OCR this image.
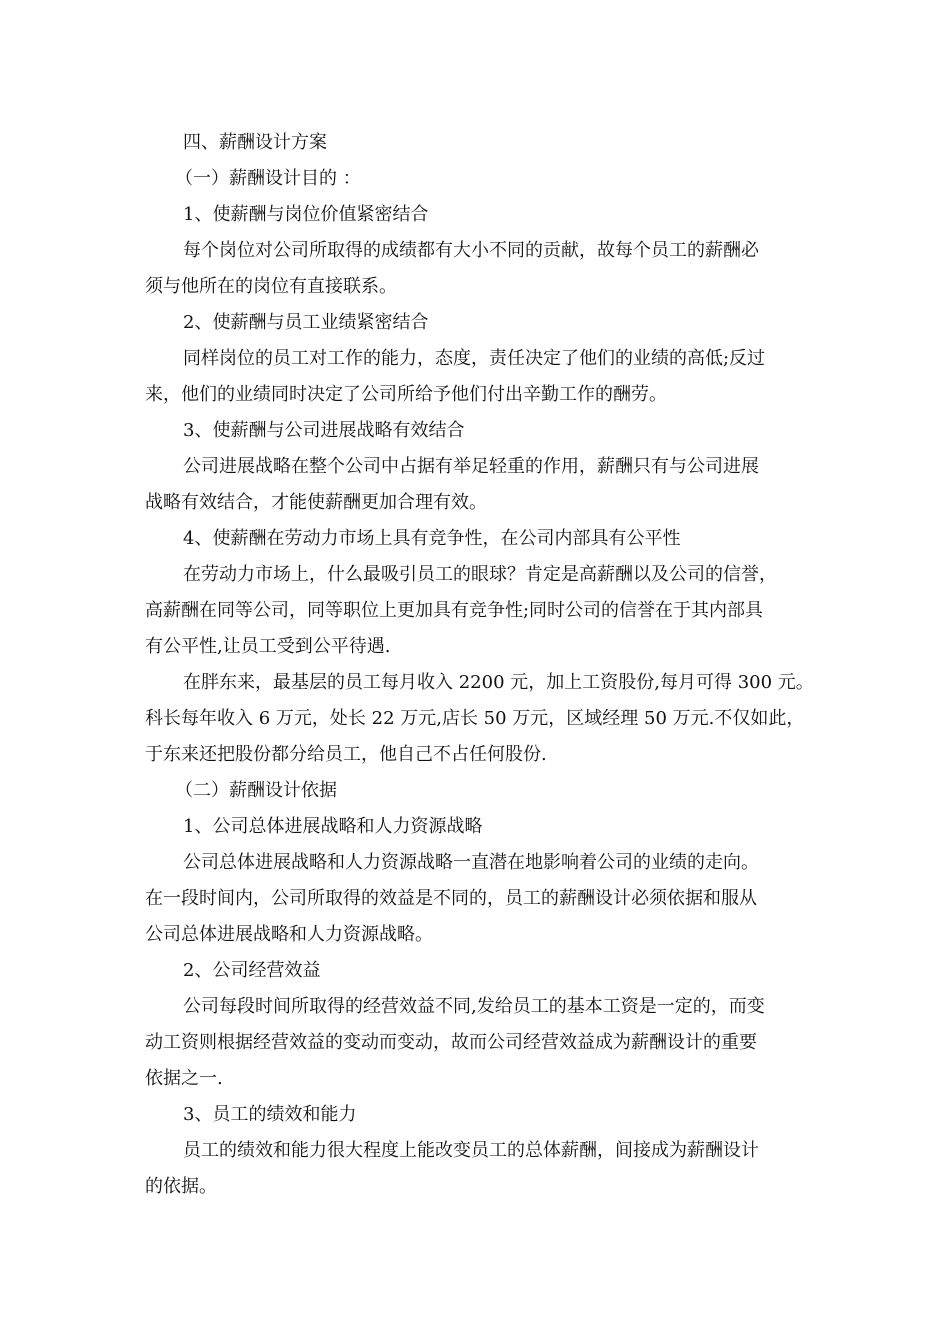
四、薪酬设计方案

（一）薪酬设计目的 ：

1、使薪酬与岗位价值紧密结合

每个岗位对公司所取得的成绩都有大小不同的贡献，故每个员工的薪酬必

须与他所在的岗位有直接联系。

2、使薪酬与员工业绩紧密结合

同样岗位的员工对工作的能力，态度，责任决定了他们的业绩的高低;反过

来，他们的业绩同时决定了公司所给予他们付出辛勤工作的酬劳。

3、使薪酬与公司进展战略有效结合

公司进展战略在整个公司中占据有举足轻重的作用，薪酬只有与公司进展

战略有效结合，才能使薪酬更加合理有效。

4、使薪酬在劳动力市场上具有竞争性，在公司内部具有公平性

在劳动力市场上，什么最吸引员工的眼球？肯定是高薪酬以及公司的信誉，

高薪酬在同等公司，同等职位上更加具有竞争性;同时公司的信誉在于其内部具

有公平性,让员工受到公平待遇.

在胖东来，最基层的员工每月收入 2200 元，加上工资股份,每月可得 300 元。

科长每年收入 6 万元，处长 22 万元,店长 50 万元，区域经理 50 万元.不仅如此，

于东来还把股份都分给员工，他自己不占任何股份.

（二）薪酬设计依据

1、公司总体进展战略和人力资源战略

公司总体进展战略和人力资源战略一直潜在地影响着公司的业绩的走向。

在一段时间内，公司所取得的效益是不同的，员工的薪酬设计必须依据和服从

公司总体进展战略和人力资源战略。

2、公司经营效益

公司每段时间所取得的经营效益不同,发给员工的基本工资是一定的，而变

动工资则根据经营效益的变动而变动，故而公司经营效益成为薪酬设计的重要

依据之一.

3、员工的绩效和能力

员工的绩效和能力很大程度上能改变员工的总体薪酬，间接成为薪酬设计

的依据。
